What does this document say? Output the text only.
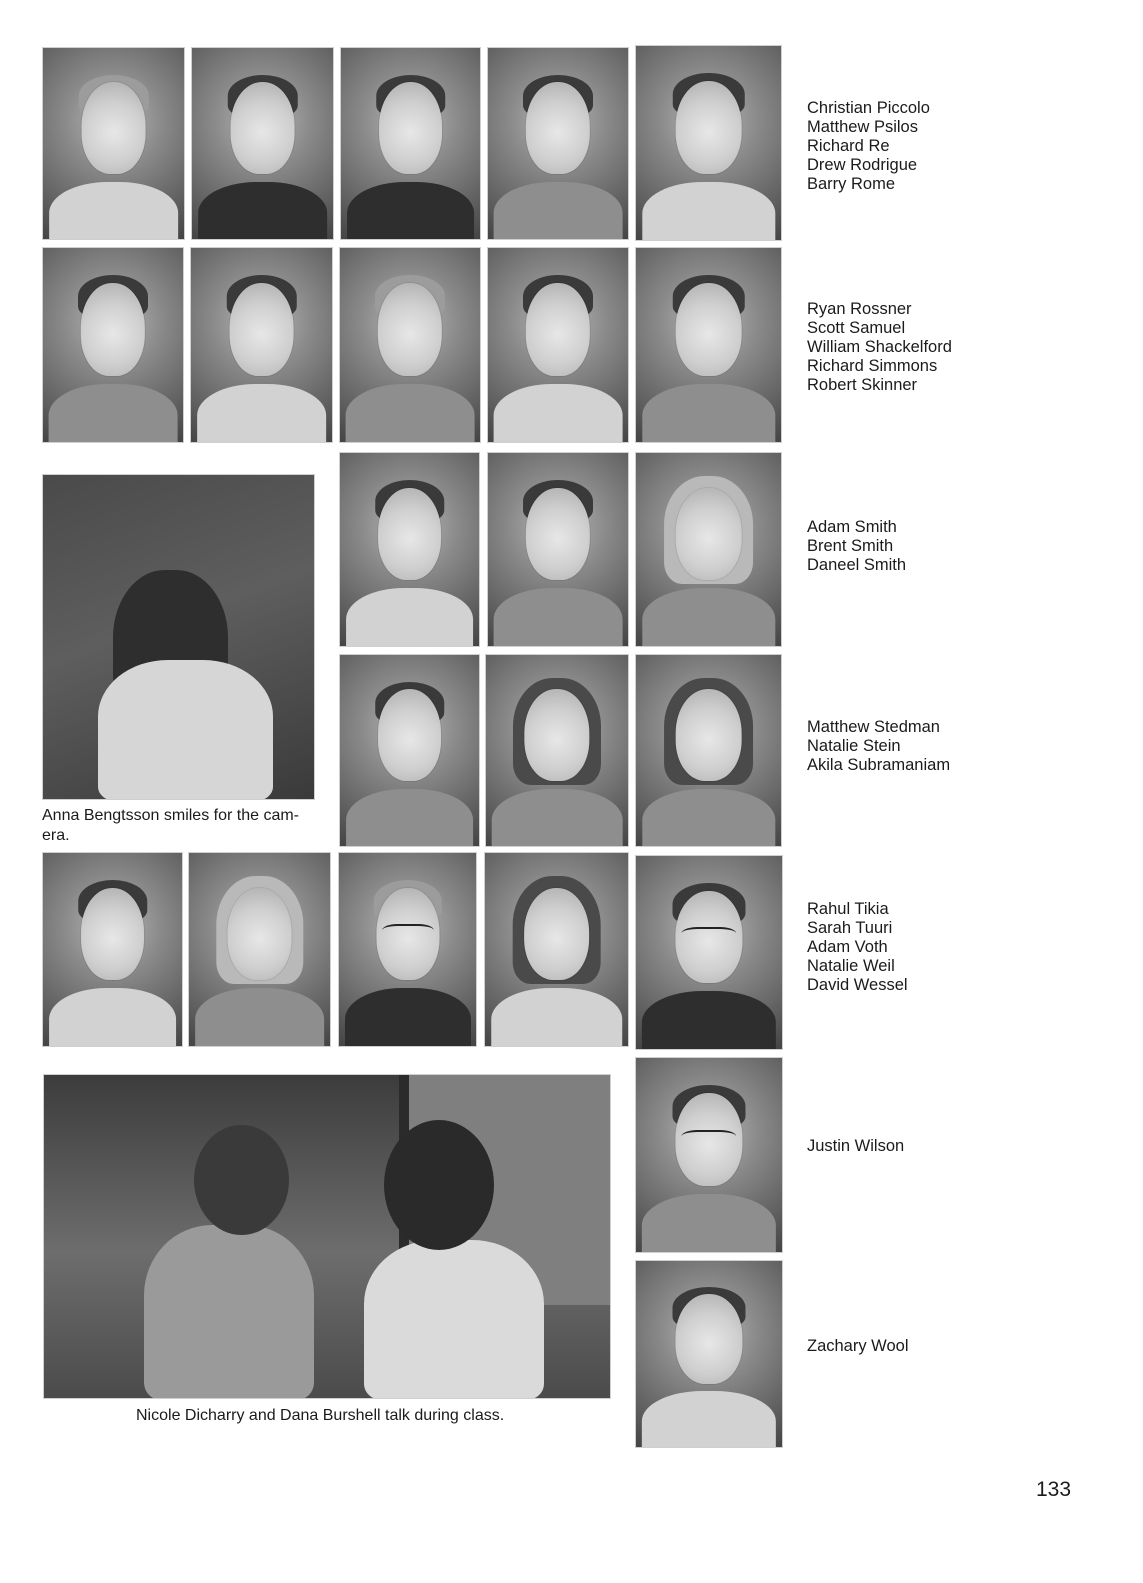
Christian Piccolo
Matthew Psilos
Richard Re
Drew Rodrigue
Barry Rome
Ryan Rossner
Scott Samuel
William Shackelford
Richard Simmons
Robert Skinner
Anna Bengtsson smiles for the cam-
era.
Adam Smith
Brent Smith
Daneel Smith
Matthew Stedman
Natalie Stein
Akila Subramaniam
Rahul Tikia
Sarah Tuuri
Adam Voth
Natalie Weil
David Wessel
Nicole Dicharry and Dana Burshell talk during class.
Justin Wilson
Zachary Wool
133
